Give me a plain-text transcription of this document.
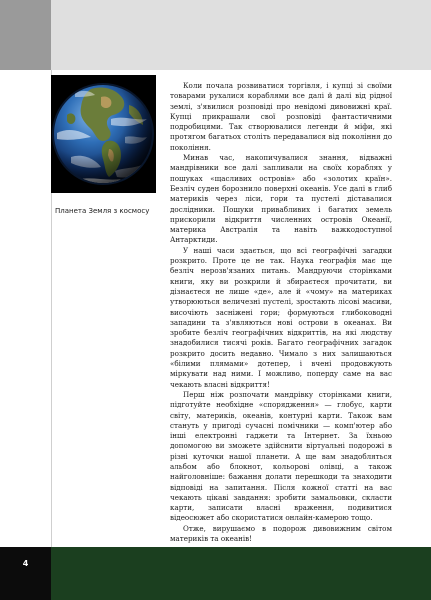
Планета Земля з космосу

Коли почала розвиватися торгівля, і купці зі своїми товарами рухалися кораблями все далі й далі від рідної землі, з'явилися розповіді про невідомі дивовижні краї. Купці прикрашали свої розповіді фантастичними подробицями. Так створювалися легенди й міфи, які протягом багатьох століть передавалися від покоління до покоління.

Минав час, накопичувалися знання, відважні мандрівники все далі запливали на своїх кораблях у пошуках «щасливих островів» або «золотих країн». Безліч суден борознило поверхні океанів. Усе далі в глиб материків через ліси, гори та пустелі діставалися дослідники. Пошуки привабливих і багатих земель прискорили відкриття численних островів Океанії, материка Австралія та навіть важкодоступної Антарктиди.

У наші часи здається, що всі географічні загадки розкрито. Проте це не так. Наука географія має ще безліч нерозв'язаних питань. Мандруючи сторінками книги, яку ви розкрили й збираєтеся прочитати, ви дізнаєтеся не лише «де», але й «чому» на материках утворюються величезні пустелі, зростають лісові масиви, височіють засніжені гори; формуються глибоководні западини та з'являються нові острови в океанах. Ви зробите безліч географічних відкриттів, на які людству знадобилися тисячі років. Багато географічних загадок розкрито досить недавно. Чимало з них залишаються «білими плямами» дотепер, і вчені продовжують міркувати над ними. І можливо, поперду саме на вас чекають власні відкриття!

Перш ніж розпочати мандрівку сторінками книги, підготуйте необхідне «спорядження» — глобус, карти світу, материків, океанів, контурні карти. Також вам стануть у пригоді сучасні помічники — комп'ютер або інші електронні гаджети та Інтернет. За їхньою допомогою ви зможете здійснити віртуальні подорожі в різні куточки нашої планети. А ще вам знадобляться альбом або блокнот, кольорові олівці, а також найголовніше: бажання долати перешкоди та знаходити відповіді на запитання. Після кожної статті на вас чекають цікаві завдання: зробити замальовки, скласти карти, записати власні враження, подивитися відеосюжет або скористатися онлайн-камерою тощо.

Отже, вирушаємо в подорож дивовижним світом материків та океанів!

4
